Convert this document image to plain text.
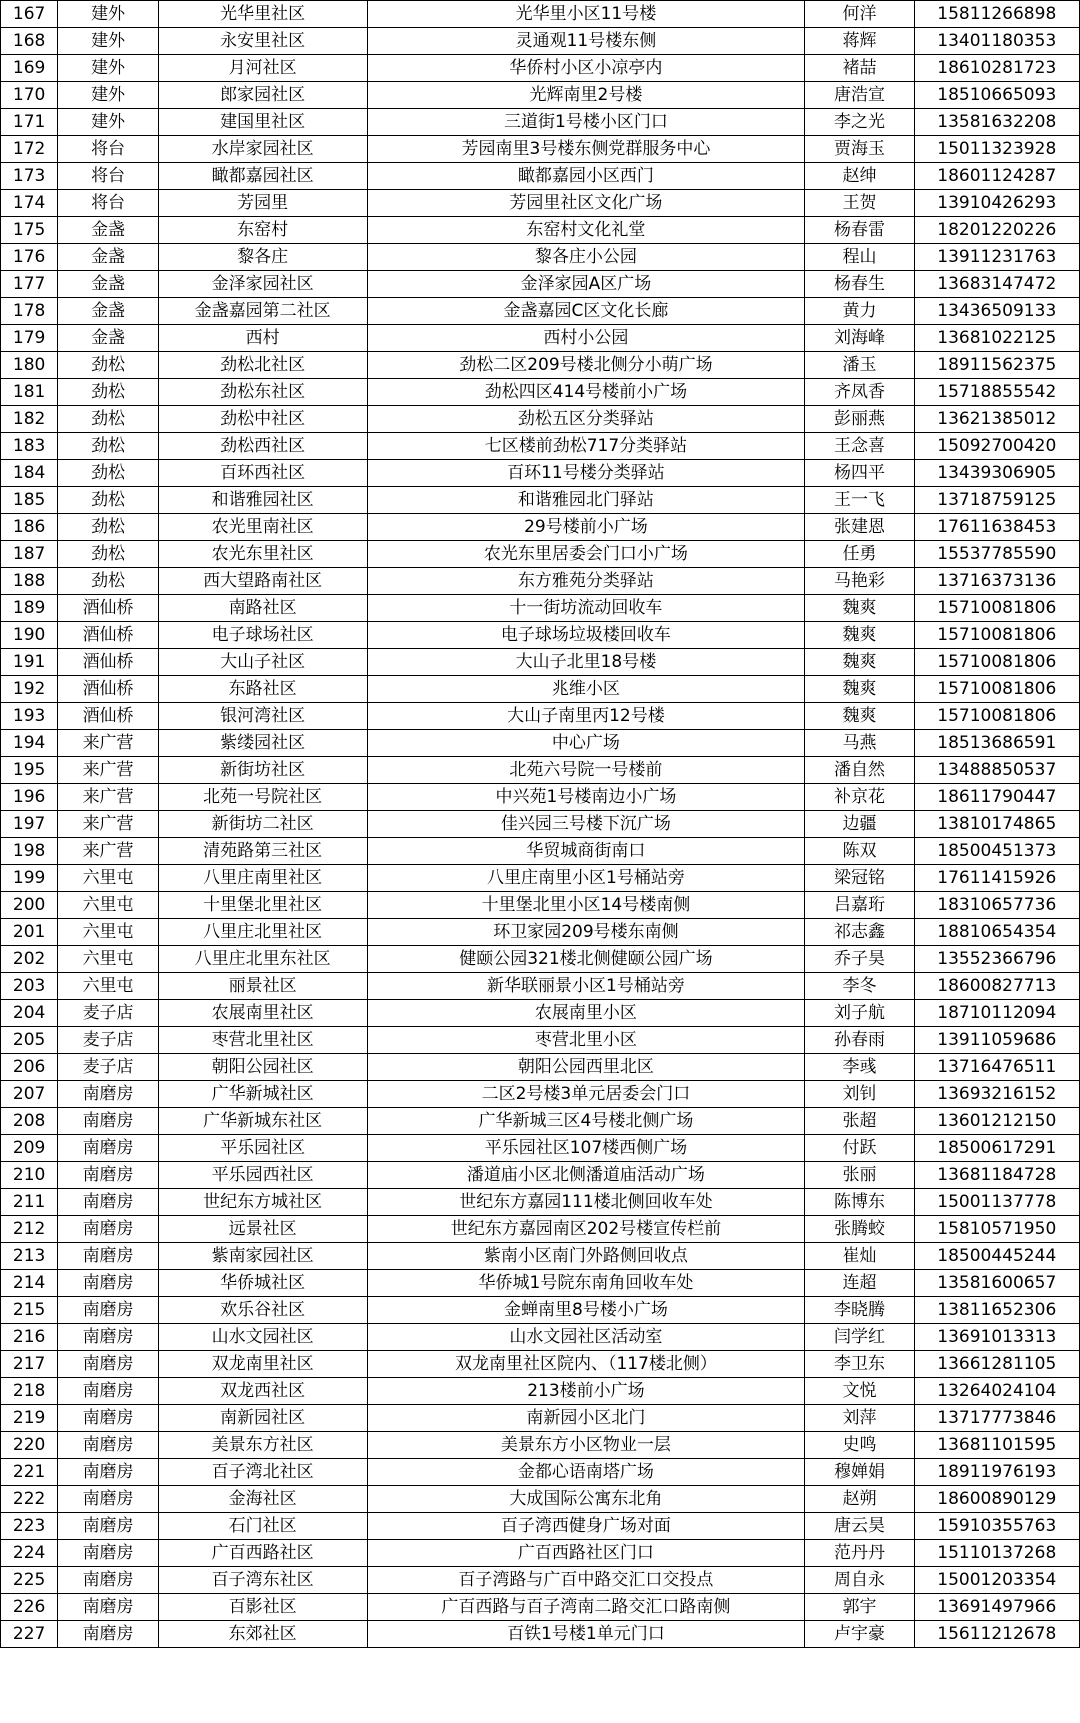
167	建外	光华里社区	光华里小区11号楼	何洋	15811266898
168	建外	永安里社区	灵通观11号楼东侧	蒋辉	13401180353
169	建外	月河社区	华侨村小区小凉亭内	褚喆	18610281723
170	建外	郎家园社区	光辉南里2号楼	唐浩宣	18510665093
171	建外	建国里社区	三道街1号楼小区门口	李之光	13581632208
172	将台	水岸家园社区	芳园南里3号楼东侧党群服务中心	贾海玉	15011323928
173	将台	瞰都嘉园社区	瞰都嘉园小区西门	赵绅	18601124287
174	将台	芳园里	芳园里社区文化广场	王贺	13910426293
175	金盏	东窑村	东窑村文化礼堂	杨春雷	18201220226
176	金盏	黎各庄	黎各庄小公园	程山	13911231763
177	金盏	金泽家园社区	金泽家园A区广场	杨春生	13683147472
178	金盏	金盏嘉园第二社区	金盏嘉园C区文化长廊	黄力	13436509133
179	金盏	西村	西村小公园	刘海峰	13681022125
180	劲松	劲松北社区	劲松二区209号楼北侧分小萌广场	潘玉	18911562375
181	劲松	劲松东社区	劲松四区414号楼前小广场	齐凤香	15718855542
182	劲松	劲松中社区	劲松五区分类驿站	彭丽燕	13621385012
183	劲松	劲松西社区	七区楼前劲松717分类驿站	王念喜	15092700420
184	劲松	百环西社区	百环11号楼分类驿站	杨四平	13439306905
185	劲松	和谐雅园社区	和谐雅园北门驿站	王一飞	13718759125
186	劲松	农光里南社区	29号楼前小广场	张建恩	17611638453
187	劲松	农光东里社区	农光东里居委会门口小广场	任勇	15537785590
188	劲松	西大望路南社区	东方雅苑分类驿站	马艳彩	13716373136
189	酒仙桥	南路社区	十一街坊流动回收车	魏爽	15710081806
190	酒仙桥	电子球场社区	电子球场垃圾楼回收车	魏爽	15710081806
191	酒仙桥	大山子社区	大山子北里18号楼	魏爽	15710081806
192	酒仙桥	东路社区	兆维小区	魏爽	15710081806
193	酒仙桥	银河湾社区	大山子南里丙12号楼	魏爽	15710081806
194	来广营	紫缕园社区	中心广场	马燕	18513686591
195	来广营	新街坊社区	北苑六号院一号楼前	潘自然	13488850537
196	来广营	北苑一号院社区	中兴苑1号楼南边小广场	补京花	18611790447
197	来广营	新街坊二社区	佳兴园三号楼下沉广场	边疆	13810174865
198	来广营	清苑路第三社区	华贸城商街南口	陈双	18500451373
199	六里屯	八里庄南里社区	八里庄南里小区1号桶站旁	梁冠铭	17611415926
200	六里屯	十里堡北里社区	十里堡北里小区14号楼南侧	吕嘉珩	18310657736
201	六里屯	八里庄北里社区	环卫家园209号楼东南侧	祁志鑫	18810654354
202	六里屯	八里庄北里东社区	健颐公园321楼北侧健颐公园广场	乔子昊	13552366796
203	六里屯	丽景社区	新华联丽景小区1号桶站旁	李冬	18600827713
204	麦子店	农展南里社区	农展南里小区	刘子航	18710112094
205	麦子店	枣营北里社区	枣营北里小区	孙春雨	13911059686
206	麦子店	朝阳公园社区	朝阳公园西里北区	李彧	13716476511
207	南磨房	广华新城社区	二区2号楼3单元居委会门口	刘钊	13693216152
208	南磨房	广华新城东社区	广华新城三区4号楼北侧广场	张超	13601212150
209	南磨房	平乐园社区	平乐园社区107楼西侧广场	付跃	18500617291
210	南磨房	平乐园西社区	潘道庙小区北侧潘道庙活动广场	张丽	13681184728
211	南磨房	世纪东方城社区	世纪东方嘉园111楼北侧回收车处	陈博东	15001137778
212	南磨房	远景社区	世纪东方嘉园南区202号楼宣传栏前	张腾蛟	15810571950
213	南磨房	紫南家园社区	紫南小区南门外路侧回收点	崔灿	18500445244
214	南磨房	华侨城社区	华侨城1号院东南角回收车处	连超	13581600657
215	南磨房	欢乐谷社区	金蝉南里8号楼小广场	李晓腾	13811652306
216	南磨房	山水文园社区	山水文园社区活动室	闫学红	13691013313
217	南磨房	双龙南里社区	双龙南里社区院内、（117楼北侧）	李卫东	13661281105
218	南磨房	双龙西社区	213楼前小广场	文悦	13264024104
219	南磨房	南新园社区	南新园小区北门	刘萍	13717773846
220	南磨房	美景东方社区	美景东方小区物业一层	史鸣	13681101595
221	南磨房	百子湾北社区	金都心语南塔广场	穆婵娟	18911976193
222	南磨房	金海社区	大成国际公寓东北角	赵朔	18600890129
223	南磨房	石门社区	百子湾西健身广场对面	唐云昊	15910355763
224	南磨房	广百西路社区	广百西路社区门口	范丹丹	15110137268
225	南磨房	百子湾东社区	百子湾路与广百中路交汇口交投点	周自永	15001203354
226	南磨房	百影社区	广百西路与百子湾南二路交汇口路南侧	郭宇	13691497966
227	南磨房	东郊社区	百铁1号楼1单元门口	卢宇豪	15611212678
